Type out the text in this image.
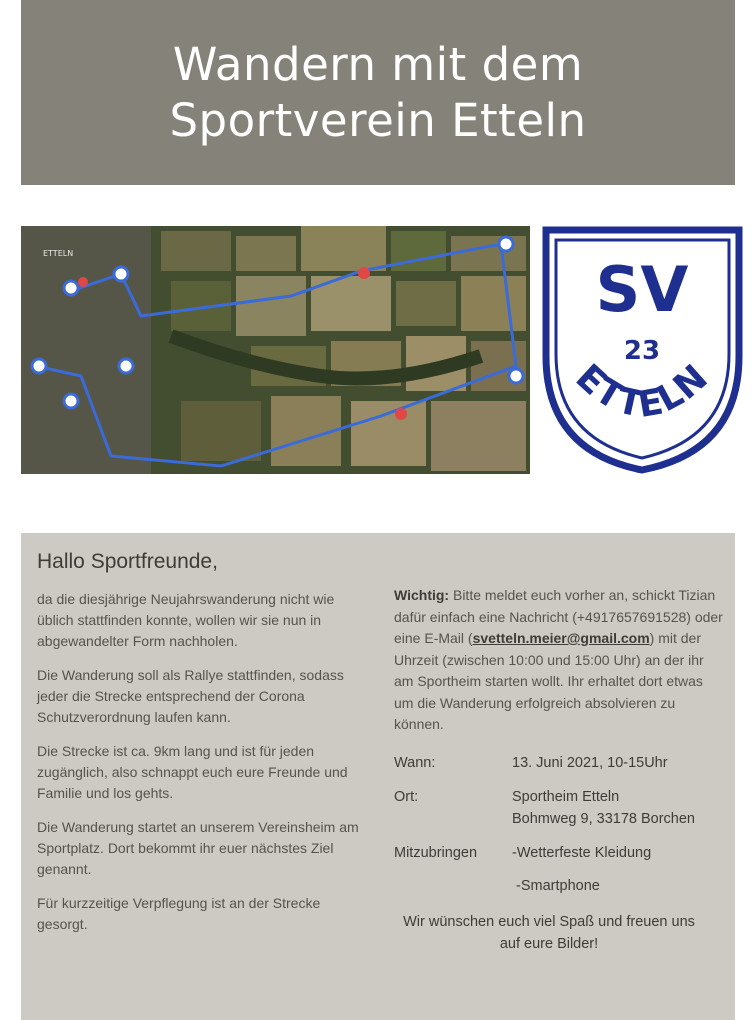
Wandern mit dem
Sportverein Etteln
ETTELN	SV
23
ETTELN
Hallo Sportfreunde,

da die diesjährige Neujahrswanderung nicht wie üblich stattfinden konnte, wollen wir sie nun in abgewandelter Form nachholen.

Die Wanderung soll als Rallye stattfinden, sodass jeder die Strecke entsprechend der Corona Schutzverordnung laufen kann.

Die Strecke ist ca. 9km lang und ist für jeden zugänglich, also schnappt euch eure Freunde und Familie und los gehts.

Die Wanderung startet an unserem Vereinsheim am Sportplatz. Dort bekommt ihr euer nächstes Ziel genannt.

Für kurzzeitige Verpflegung ist an der Strecke gesorgt.

Wichtig: Bitte meldet euch vorher an, schickt Tizian dafür einfach eine Nachricht (+4917657691528) oder eine E-Mail (svetteln.meier@gmail.com) mit der Uhrzeit (zwischen 10:00 und 15:00 Uhr) an der ihr am Sportheim starten wollt. Ihr erhaltet dort etwas um die Wanderung erfolgreich absolvieren zu können.
Wann:	13. Juni 2021, 10-15Uhr
Ort:	Sportheim Etteln
Bohmweg 9, 33178 Borchen
Mitzubringen	-Wetterfeste Kleidung
-Smartphone
Wir wünschen euch viel Spaß und freuen uns
auf eure Bilder!
